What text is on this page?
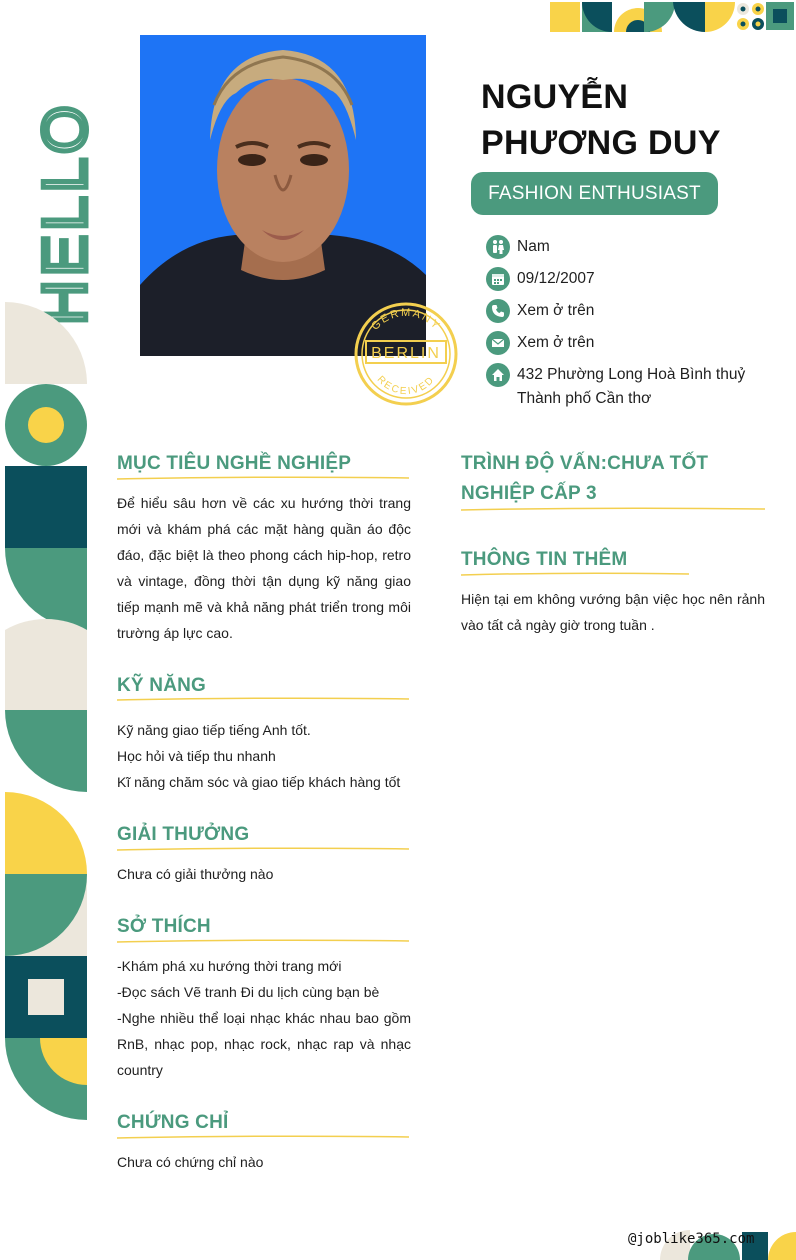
HELLO	GERMANY
BERLIN
RECEIVED
NGUYỄN
PHƯƠNG DUY
FASHION ENTHUSIAST
Nam
09/12/2007
Xem ở trên
Xem ở trên
432 Phường Long Hoà Bình thuỷ
Thành phố Cần thơ
MỤC TIÊU NGHỀ NGHIỆP
Để hiểu sâu hơn về các xu hướng thời trang mới và khám phá các mặt hàng quần áo độc đáo, đặc biệt là theo phong cách hip-hop, retro và vintage, đồng thời tận dụng kỹ năng giao tiếp mạnh mẽ và khả năng phát triển trong môi trường áp lực cao.
KỸ NĂNG
Kỹ năng giao tiếp tiếng Anh tốt.
Học hỏi và tiếp thu nhanh
Kĩ năng chăm sóc và giao tiếp khách hàng tốt
GIẢI THƯỞNG
Chưa có giải thưởng nào
SỞ THÍCH
-Khám phá xu hướng thời trang mới
-Đọc sách Vẽ tranh Đi du lịch cùng bạn bè
-Nghe nhiều thể loại nhạc khác nhau bao gồm RnB, nhạc pop, nhạc rock, nhạc rap và nhạc country
CHỨNG CHỈ
Chưa có chứng chỉ nào
TRÌNH ĐỘ VẤN:CHƯA TỐT
NGHIỆP CẤP 3
THÔNG TIN THÊM
Hiện tại em không vướng bận việc học nên rảnh vào tất cả ngày giờ trong tuần .
@joblike365.com
